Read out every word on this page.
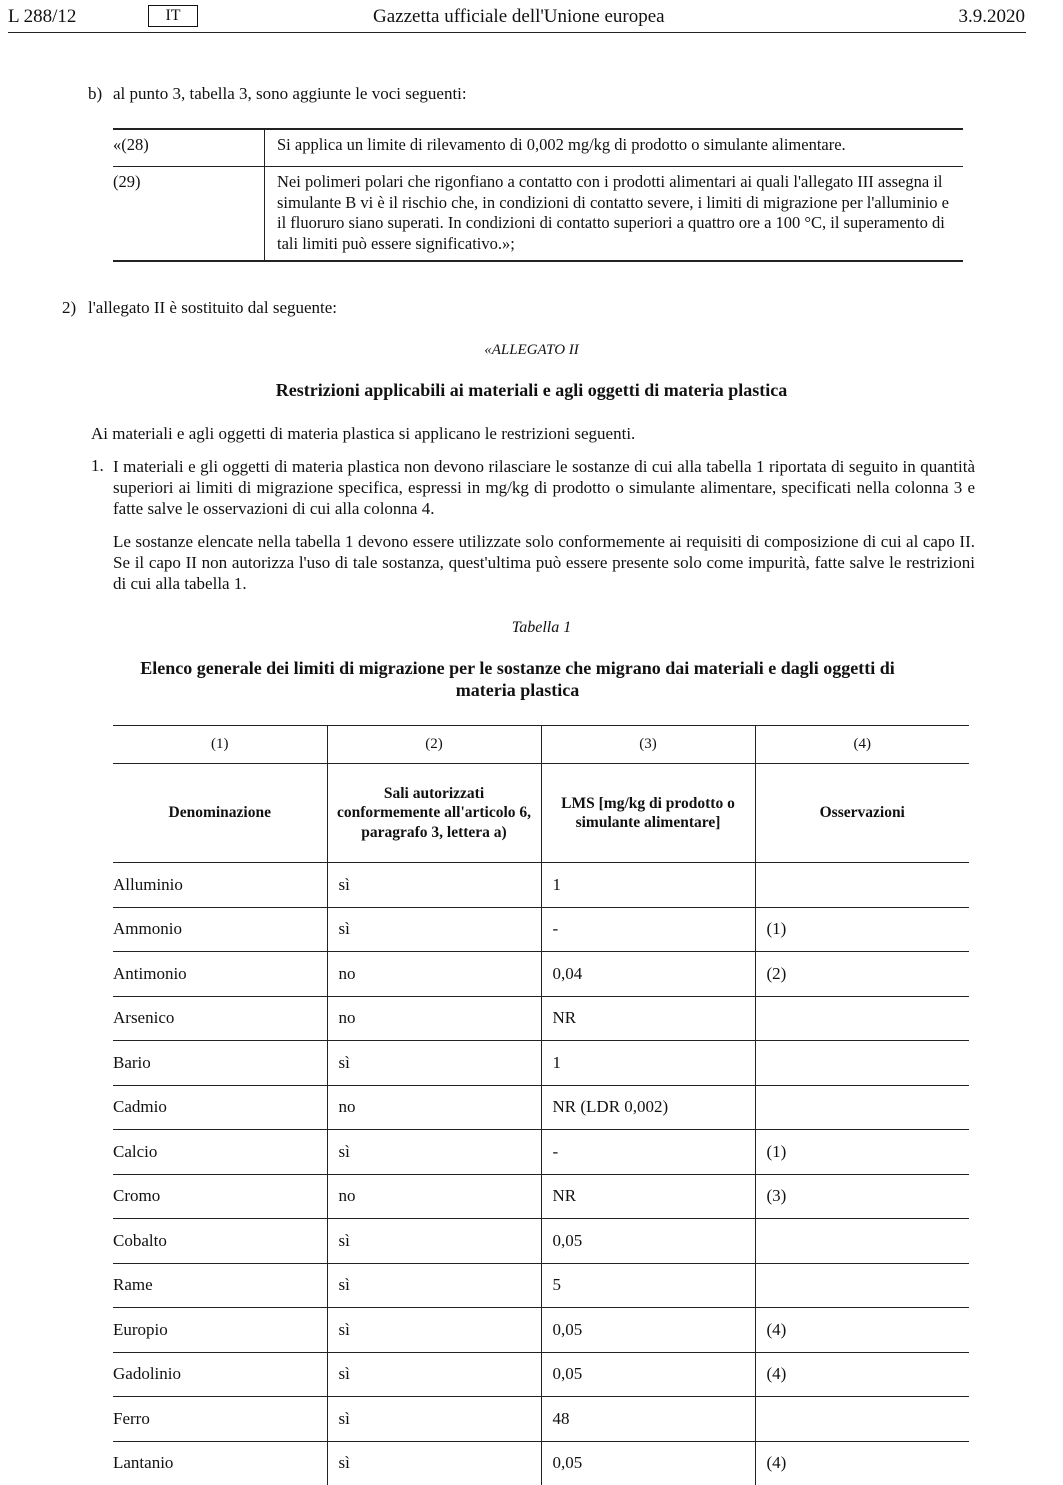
L 288/12	IT	Gazzetta ufficiale dell'Unione europea	3.9.2020
b) al punto 3, tabella 3, sono aggiunte le voci seguenti:
«(28)	Si applica un limite di rilevamento di 0,002 mg/kg di prodotto o simulante alimentare.
(29)	Nei polimeri polari che rigonfiano a contatto con i prodotti alimentari ai quali l'allegato III assegna il simulante B vi è il rischio che, in condizioni di contatto severe, i limiti di migrazione per l'alluminio e il fluoruro siano superati. In condizioni di contatto superiori a quattro ore a 100 °C, il superamento di tali limiti può essere significativo.»;
2) l'allegato II è sostituito dal seguente:
«ALLEGATO II
Restrizioni applicabili ai materiali e agli oggetti di materia plastica
Ai materiali e agli oggetti di materia plastica si applicano le restrizioni seguenti.
1. I materiali e gli oggetti di materia plastica non devono rilasciare le sostanze di cui alla tabella 1 riportata di seguito in quantità superiori ai limiti di migrazione specifica, espressi in mg/kg di prodotto o simulante alimentare, specificati nella colonna 3 e fatte salve le osservazioni di cui alla colonna 4.
Le sostanze elencate nella tabella 1 devono essere utilizzate solo conformemente ai requisiti di composizione di cui al capo II. Se il capo II non autorizza l'uso di tale sostanza, quest'ultima può essere presente solo come impurità, fatte salve le restrizioni di cui alla tabella 1.
Tabella 1
Elenco generale dei limiti di migrazione per le sostanze che migrano dai materiali e dagli oggetti di
materia plastica
(1)	(2)	(3)	(4)
Denominazione	Sali autorizzati conformemente all'articolo 6, paragrafo 3, lettera a)	LMS [mg/kg di prodotto o simulante alimentare]	Osservazioni
Alluminio	sì	1	
Ammonio	sì	-	(1)
Antimonio	no	0,04	(2)
Arsenico	no	NR	
Bario	sì	1	
Cadmio	no	NR (LDR 0,002)	
Calcio	sì	-	(1)
Cromo	no	NR	(3)
Cobalto	sì	0,05	
Rame	sì	5	
Europio	sì	0,05	(4)
Gadolinio	sì	0,05	(4)
Ferro	sì	48	
Lantanio	sì	0,05	(4)
